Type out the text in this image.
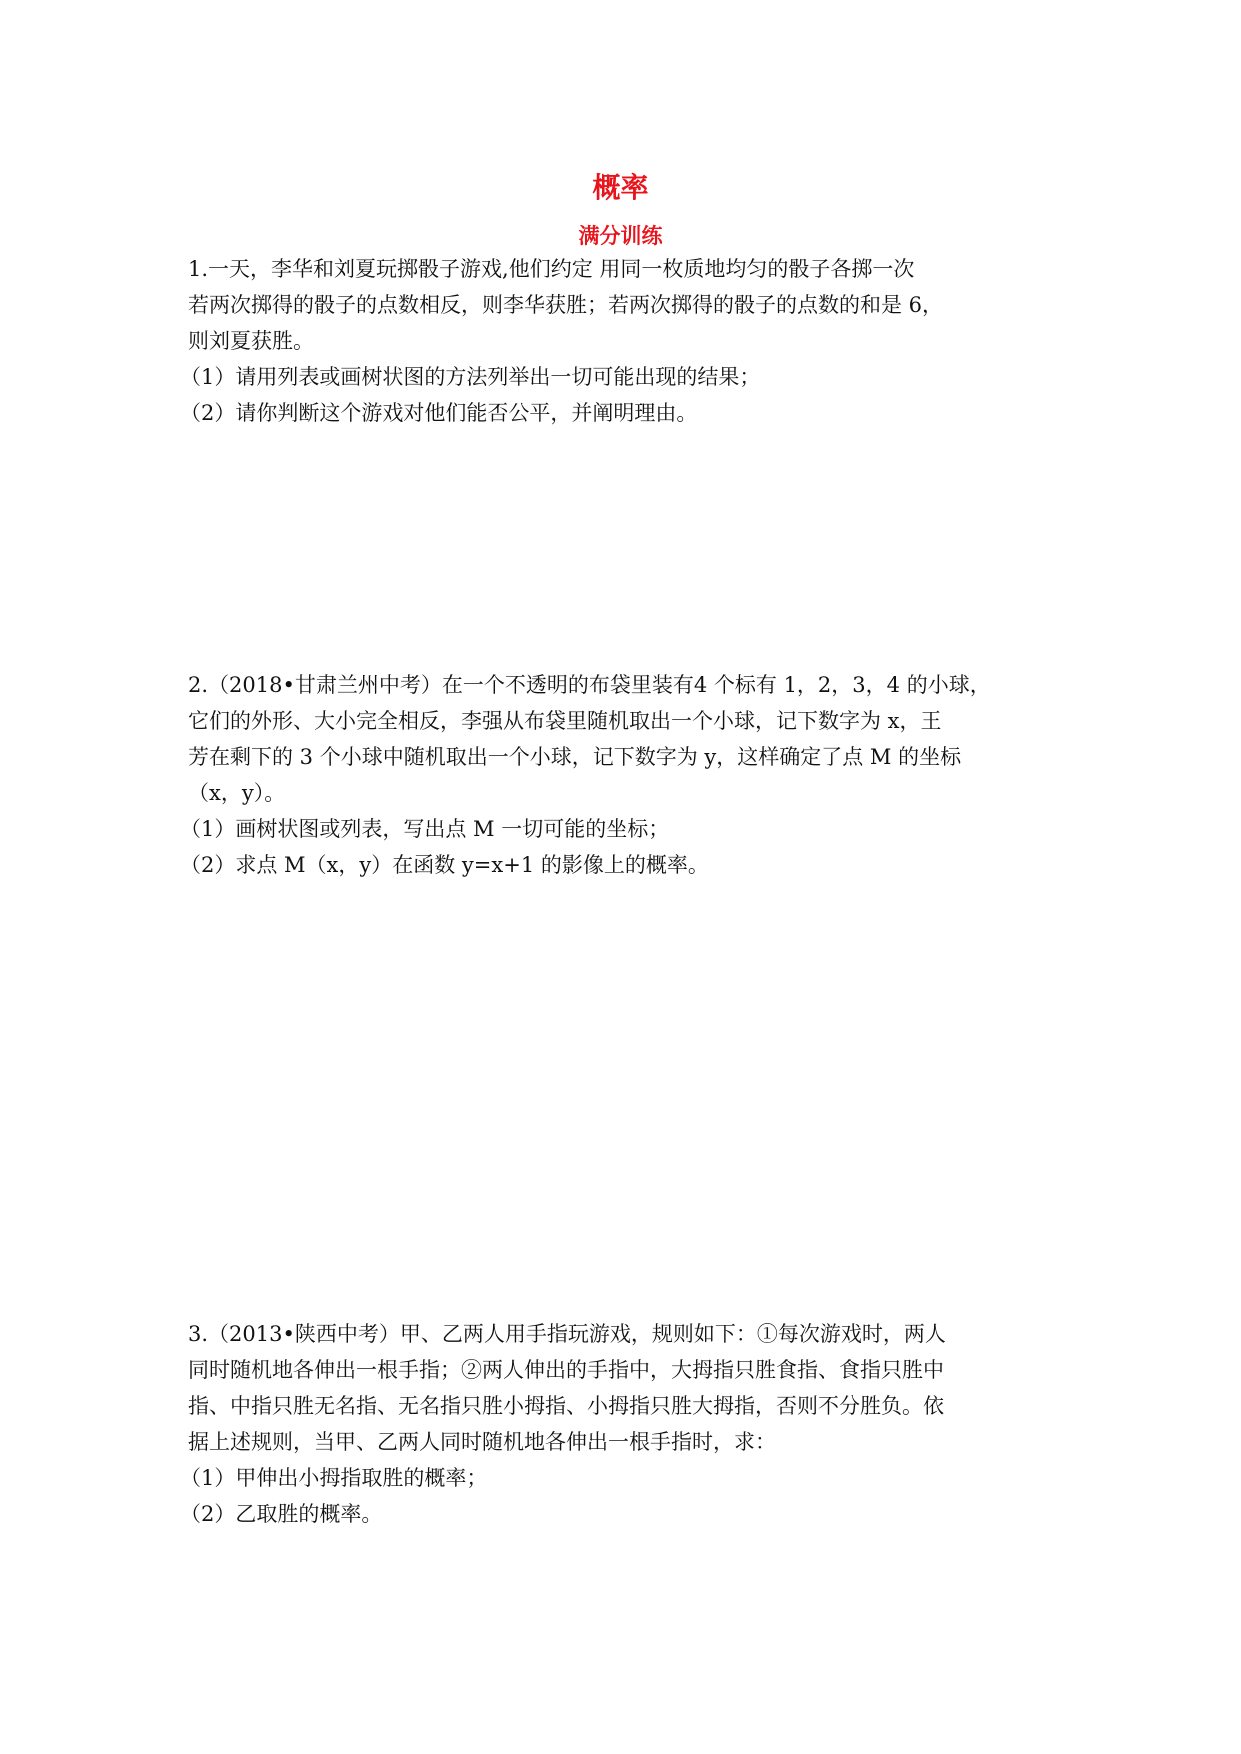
概率
满分训练
1.一天，李华和刘夏玩掷骰子游戏,他们约定 用同一枚质地均匀的骰子各掷一次
若两次掷得的骰子的点数相反，则李华获胜；若两次掷得的骰子的点数的和是 6，
则刘夏获胜。
（1）请用列表或画树状图的方法列举出一切可能出现的结果；
（2）请你判断这个游戏对他们能否公平，并阐明理由。
2.（2018•甘肃兰州中考）在一个不透明的布袋里装有4 个标有 1，2，3，4 的小球，
它们的外形、大小完全相反，李强从布袋里随机取出一个小球，记下数字为 x，王
芳在剩下的 3 个小球中随机取出一个小球，记下数字为 y，这样确定了点 M 的坐标
（x，y）。
（1）画树状图或列表，写出点 M 一切可能的坐标；
（2）求点 M（x，y）在函数 y=x+1 的影像上的概率。
3.（2013•陕西中考）甲、乙两人用手指玩游戏，规则如下：①每次游戏时，两人
同时随机地各伸出一根手指；②两人伸出的手指中，大拇指只胜食指、食指只胜中
指、中指只胜无名指、无名指只胜小拇指、小拇指只胜大拇指，否则不分胜负。依
据上述规则，当甲、乙两人同时随机地各伸出一根手指时，求：
（1）甲伸出小拇指取胜的概率；
（2）乙取胜的概率。
